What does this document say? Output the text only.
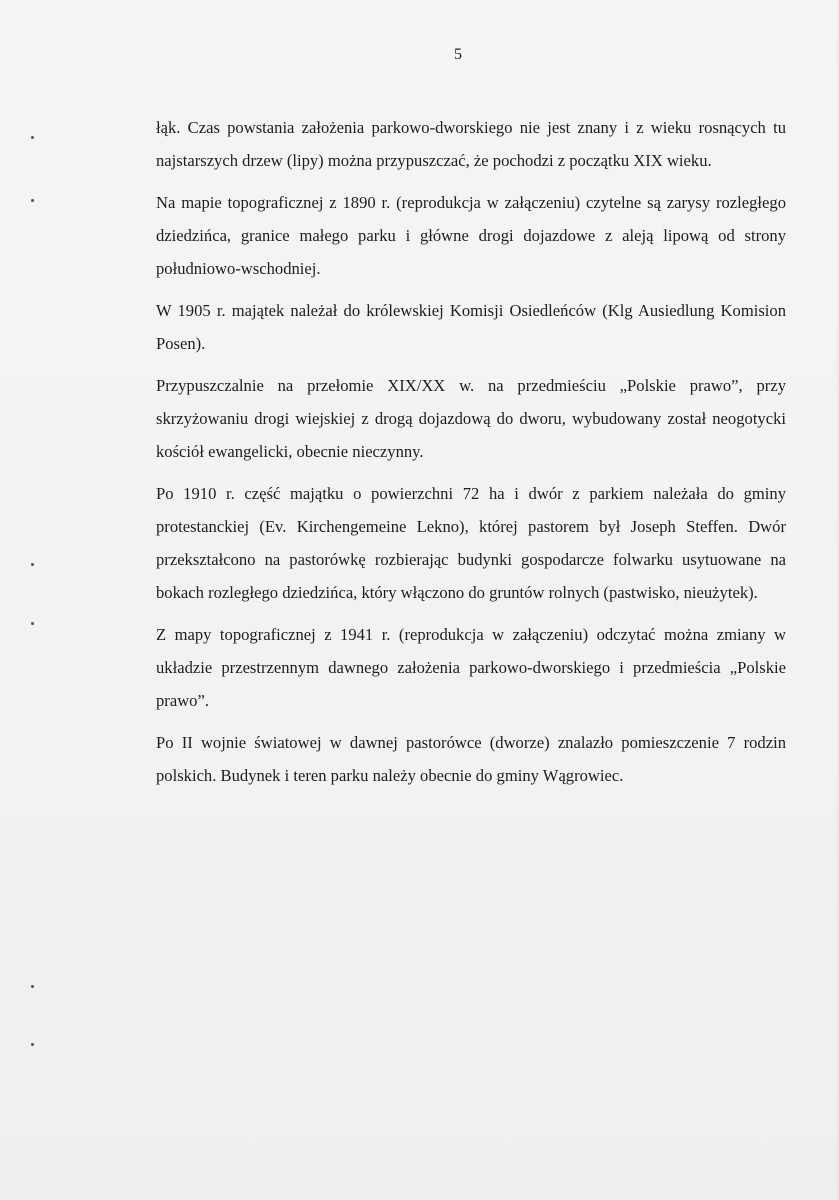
5

łąk. Czas powstania założenia parkowo-dworskiego nie jest znany i z wieku rosnących tu najstarszych drzew (lipy) można przypuszczać, że pochodzi z początku XIX wieku.

Na mapie topograficznej z 1890 r. (reprodukcja w załączeniu) czytelne są zarysy rozległego dziedzińca, granice małego parku i główne drogi dojazdowe z aleją lipową od strony południowo-wschodniej.

W 1905 r. majątek należał do królewskiej Komisji Osiedleńców (Klg Ausiedlung Komision Posen).

Przypuszczalnie na przełomie XIX/XX w. na przedmieściu „Polskie prawo”, przy skrzyżowaniu drogi wiejskiej z drogą dojazdową do dworu, wybudowany został neogotycki kościół ewangelicki, obecnie nieczynny.

Po 1910 r. część majątku o powierzchni 72 ha i dwór z parkiem należała do gminy protestanckiej (Ev. Kirchengemeine Lekno), której pastorem był Joseph Steffen. Dwór przekształcono na pastorówkę rozbierając budynki gospodarcze folwarku usytuowane na bokach rozległego dziedzińca, który włączono do gruntów rolnych (pastwisko, nieużytek).

Z mapy topograficznej z 1941 r. (reprodukcja w załączeniu) odczytać można zmiany w układzie przestrzennym dawnego założenia parkowo-dworskiego i przedmieścia „Polskie prawo”.

Po II wojnie światowej w dawnej pastorówce (dworze) znalazło pomieszczenie 7 rodzin polskich. Budynek i teren parku należy obecnie do gminy Wągrowiec.
